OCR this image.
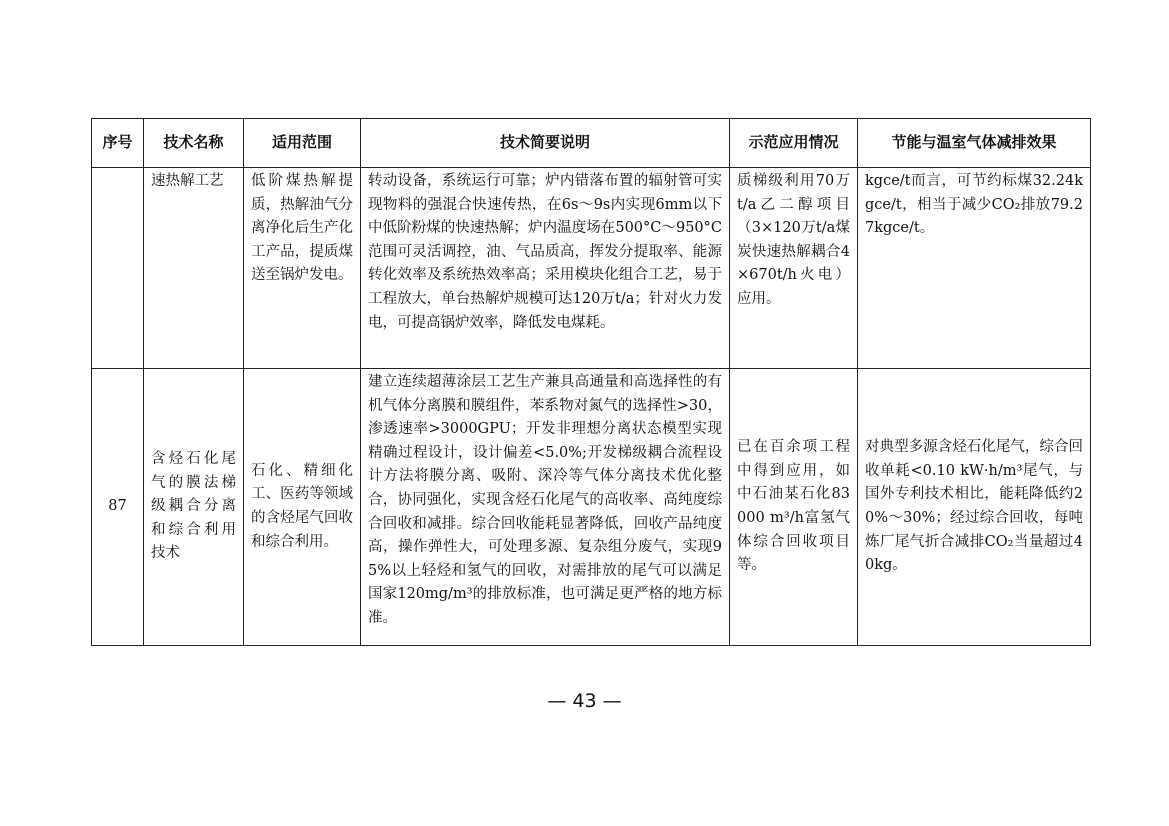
序号	技术名称	适用范围	技术简要说明	示范应用情况	节能与温室气体减排效果
	速热解工艺	低阶煤热解提质，热解油气分离净化后生产化工产品，提质煤送至锅炉发电。	转动设备，系统运行可靠；炉内错落布置的辐射管可实现物料的强混合快速传热，在6s～9s内实现6mm以下中低阶粉煤的快速热解；炉内温度场在500°C～950°C范围可灵活调控，油、气品质高，挥发分提取率、能源转化效率及系统热效率高；采用模块化组合工艺，易于工程放大，单台热解炉规模可达120万t/a；针对火力发电，可提高锅炉效率，降低发电煤耗。	质梯级利用70万t/a乙二醇项目（3×120万t/a煤炭快速热解耦合4×670t/h火电）应用。	kgce/t而言，可节约标煤32.24kgce/t，相当于减少CO₂排放79.27kgce/t。
87	含烃石化尾气的膜法梯级耦合分离和综合利用技术	石化、精细化工、医药等领域的含烃尾气回收和综合利用。	建立连续超薄涂层工艺生产兼具高通量和高选择性的有机气体分离膜和膜组件，苯系物对氮气的选择性>30，渗透速率>3000GPU；开发非理想分离状态模型实现精确过程设计，设计偏差<5.0%;开发梯级耦合流程设计方法将膜分离、吸附、深冷等气体分离技术优化整合，协同强化，实现含烃石化尾气的高收率、高纯度综合回收和减排。综合回收能耗显著降低，回收产品纯度高，操作弹性大，可处理多源、复杂组分废气，实现95%以上轻烃和氢气的回收，对需排放的尾气可以满足国家120mg/m³的排放标准，也可满足更严格的地方标准。	已在百余项工程中得到应用，如中石油某石化83000 m³/h富氢气体综合回收项目等。	对典型多源含烃石化尾气，综合回收单耗<0.10 kW·h/m³尾气，与国外专利技术相比，能耗降低约20%～30%；经过综合回收，每吨炼厂尾气折合减排CO₂当量超过40kg。
— 43 —
